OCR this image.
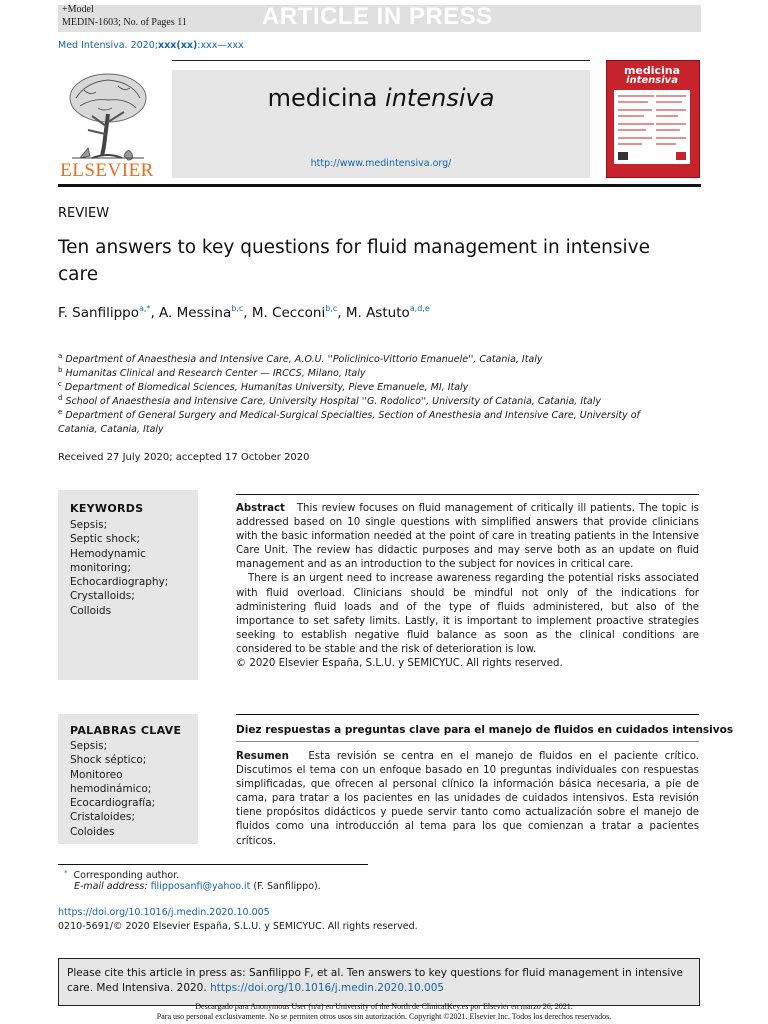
+Model
MEDIN-1603; No. of Pages 11	ARTICLE IN PRESS
Med Intensiva. 2020;xxx(xx):xxx—xxx
ELSEVIER
medicina intensiva
http://www.medintensiva.org/
medicina
intensiva
REVIEW
Ten answers to key questions for fluid management in intensive care
F. Sanfilippo$^{a,*}$, A. Messina$^{b,c}$, M. Cecconi$^{b,c}$, M. Astuto$^{a,d,e}$
$^a$ Department of Anaesthesia and Intensive Care, A.O.U. ''Policlinico-Vittorio Emanuele'', Catania, Italy
$^b$ Humanitas Clinical and Research Center — IRCCS, Milano, Italy
$^c$ Department of Biomedical Sciences, Humanitas University, Pieve Emanuele, MI, Italy
$^d$ School of Anaesthesia and Intensive Care, University Hospital ''G. Rodolico'', University of Catania, Catania, Italy
$^e$ Department of General Surgery and Medical-Surgical Specialties, Section of Anesthesia and Intensive Care, University of Catania, Catania, Italy
Received 27 July 2020; accepted 17 October 2020
KEYWORDS
Sepsis;
Septic shock;
Hemodynamic
monitoring;
Echocardiography;
Crystalloids;
Colloids
Abstract This review focuses on fluid management of critically ill patients. The topic is addressed based on 10 single questions with simplified answers that provide clinicians with the basic information needed at the point of care in treating patients in the Intensive Care Unit. The review has didactic purposes and may serve both as an update on fluid management and as an introduction to the subject for novices in critical care.
There is an urgent need to increase awareness regarding the potential risks associated with fluid overload. Clinicians should be mindful not only of the indications for administering fluid loads and of the type of fluids administered, but also of the importance to set safety limits. Lastly, it is important to implement proactive strategies seeking to establish negative fluid balance as soon as the clinical conditions are considered to be stable and the risk of deterioration is low.
© 2020 Elsevier España, S.L.U. y SEMICYUC. All rights reserved.
PALABRAS CLAVE
Sepsis;
Shock séptico;
Monitoreo
hemodinámico;
Ecocardiografía;
Cristaloides;
Coloides
Diez respuestas a preguntas clave para el manejo de fluidos en cuidados intensivos
Resumen Esta revisión se centra en el manejo de fluidos en el paciente crítico. Discutimos el tema con un enfoque basado en 10 preguntas individuales con respuestas simplificadas, que ofrecen al personal clínico la información básica necesaria, a pie de cama, para tratar a los pacientes en las unidades de cuidados intensivos. Esta revisión tiene propósitos didácticos y puede servir tanto como actualización sobre el manejo de fluidos como una introducción al tema para los que comienzan a tratar a pacientes críticos.
* Corresponding author.
E-mail address: filipposanfi@yahoo.it (F. Sanfilippo).
https://doi.org/10.1016/j.medin.2020.10.005
0210-5691/© 2020 Elsevier España, S.L.U. y SEMICYUC. All rights reserved.
Please cite this article in press as: Sanfilippo F, et al. Ten answers to key questions for fluid management in intensive care. Med Intensiva. 2020. https://doi.org/10.1016/j.medin.2020.10.005
Descargado para Anonymous User (n/a) en University of the North de ClinicalKey.es por Elsevier en marzo 26, 2021.
Para uso personal exclusivamente. No se permiten otros usos sin autorización. Copyright ©2021. Elsevier Inc. Todos los derechos reservados.
